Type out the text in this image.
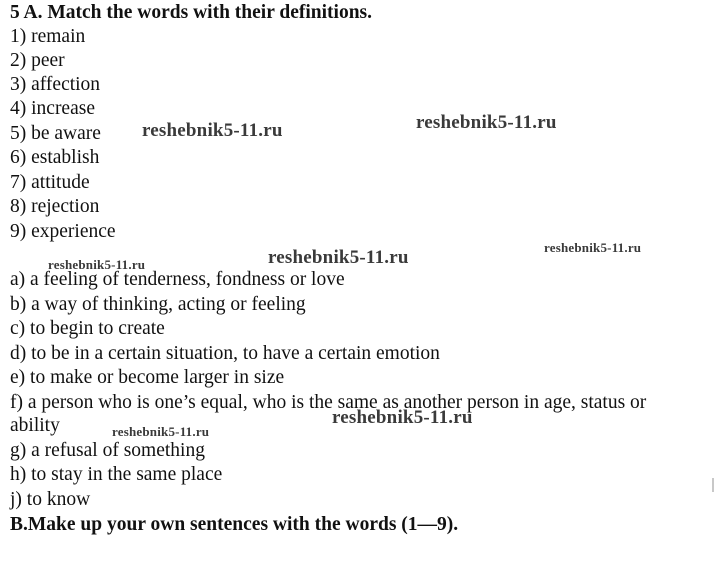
5 A. Match the words with their definitions.
1) remain
2) peer
3) affection
4) increase
5) be aware
6) establish
7) attitude
8) rejection
9) experience
a) a feeling of tenderness, fondness or love
b) a way of thinking, acting or feeling
c) to begin to create
d) to be in a certain situation, to have a certain emotion
e) to make or become larger in size
f) a person who is one’s equal, who is the same as another person in age, status or
ability
g) a refusal of something
h) to stay in the same place
j) to know
B.Make up your own sentences with the words (1—9).
reshebnik5-11.ru	reshebnik5-11.ru
reshebnik5-11.ru
reshebnik5-11.ru
reshebnik5-11.ru
reshebnik5-11.ru
reshebnik5-11.ru
